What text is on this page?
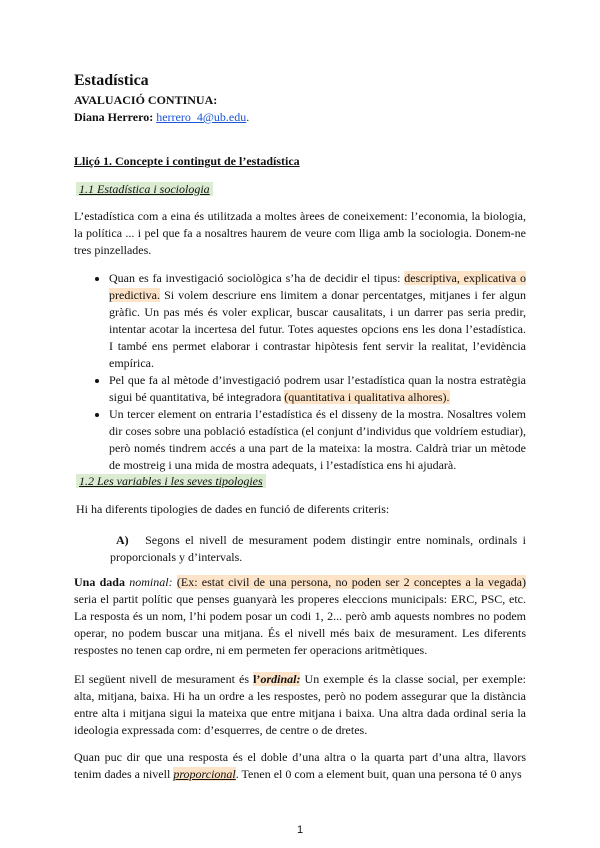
Estadística
AVALUACIÓ CONTINUA:
Diana Herrero: herrero_4@ub.edu.
Lliçó 1. Concepte i contingut de l’estadística
1.1 Estadística i sociologia
L’estadística com a eina és utilitzada a moltes àrees de coneixement: l’economia, la biologia, la política ... i pel que fa a nosaltres haurem de veure com lliga amb la sociologia. Donem-ne tres pinzellades.
• Quan es fa investigació sociològica s’ha de decidir el tipus: descriptiva, explicativa o predictiva. Si volem descriure ens limitem a donar percentatges, mitjanes i fer algun gràfic. Un pas més és voler explicar, buscar causalitats, i un darrer pas seria predir, intentar acotar la incertesa del futur. Totes aquestes opcions ens les dona l’estadística. I també ens permet elaborar i contrastar hipòtesis fent servir la realitat, l’evidència empírica.
• Pel que fa al mètode d’investigació podrem usar l’estadística quan la nostra estratègia sigui bé quantitativa, bé integradora (quantitativa i qualitativa alhores).
• Un tercer element on entraria l’estadística és el disseny de la mostra. Nosaltres volem dir coses sobre una població estadística (el conjunt d’individus que voldríem estudiar), però només tindrem accés a una part de la mateixa: la mostra. Caldrà triar un mètode de mostreig i una mida de mostra adequats, i l’estadística ens hi ajudarà.
1.2 Les variables i les seves tipologies
Hi ha diferents tipologies de dades en funció de diferents criteris:
A) Segons el nivell de mesurament podem distingir entre nominals, ordinals i proporcionals y d’intervals.
Una dada nominal: (Ex: estat civil de una persona, no poden ser 2 conceptes a la vegada) seria el partit polític que penses guanyarà les properes eleccions municipals: ERC, PSC, etc. La resposta és un nom, l’hi podem posar un codi 1, 2... però amb aquests nombres no podem operar, no podem buscar una mitjana. És el nivell més baix de mesurament. Les diferents respostes no tenen cap ordre, ni em permeten fer operacions aritmètiques.
El següent nivell de mesurament és l’ordinal: Un exemple és la classe social, per exemple: alta, mitjana, baixa. Hi ha un ordre a les respostes, però no podem assegurar que la distància entre alta i mitjana sigui la mateixa que entre mitjana i baixa. Una altra dada ordinal seria la ideologia expressada com: d’esquerres, de centre o de dretes.
Quan puc dir que una resposta és el doble d’una altra o la quarta part d’una altra, llavors tenim dades a nivell proporcional. Tenen el 0 com a element buit, quan una persona té 0 anys
1
